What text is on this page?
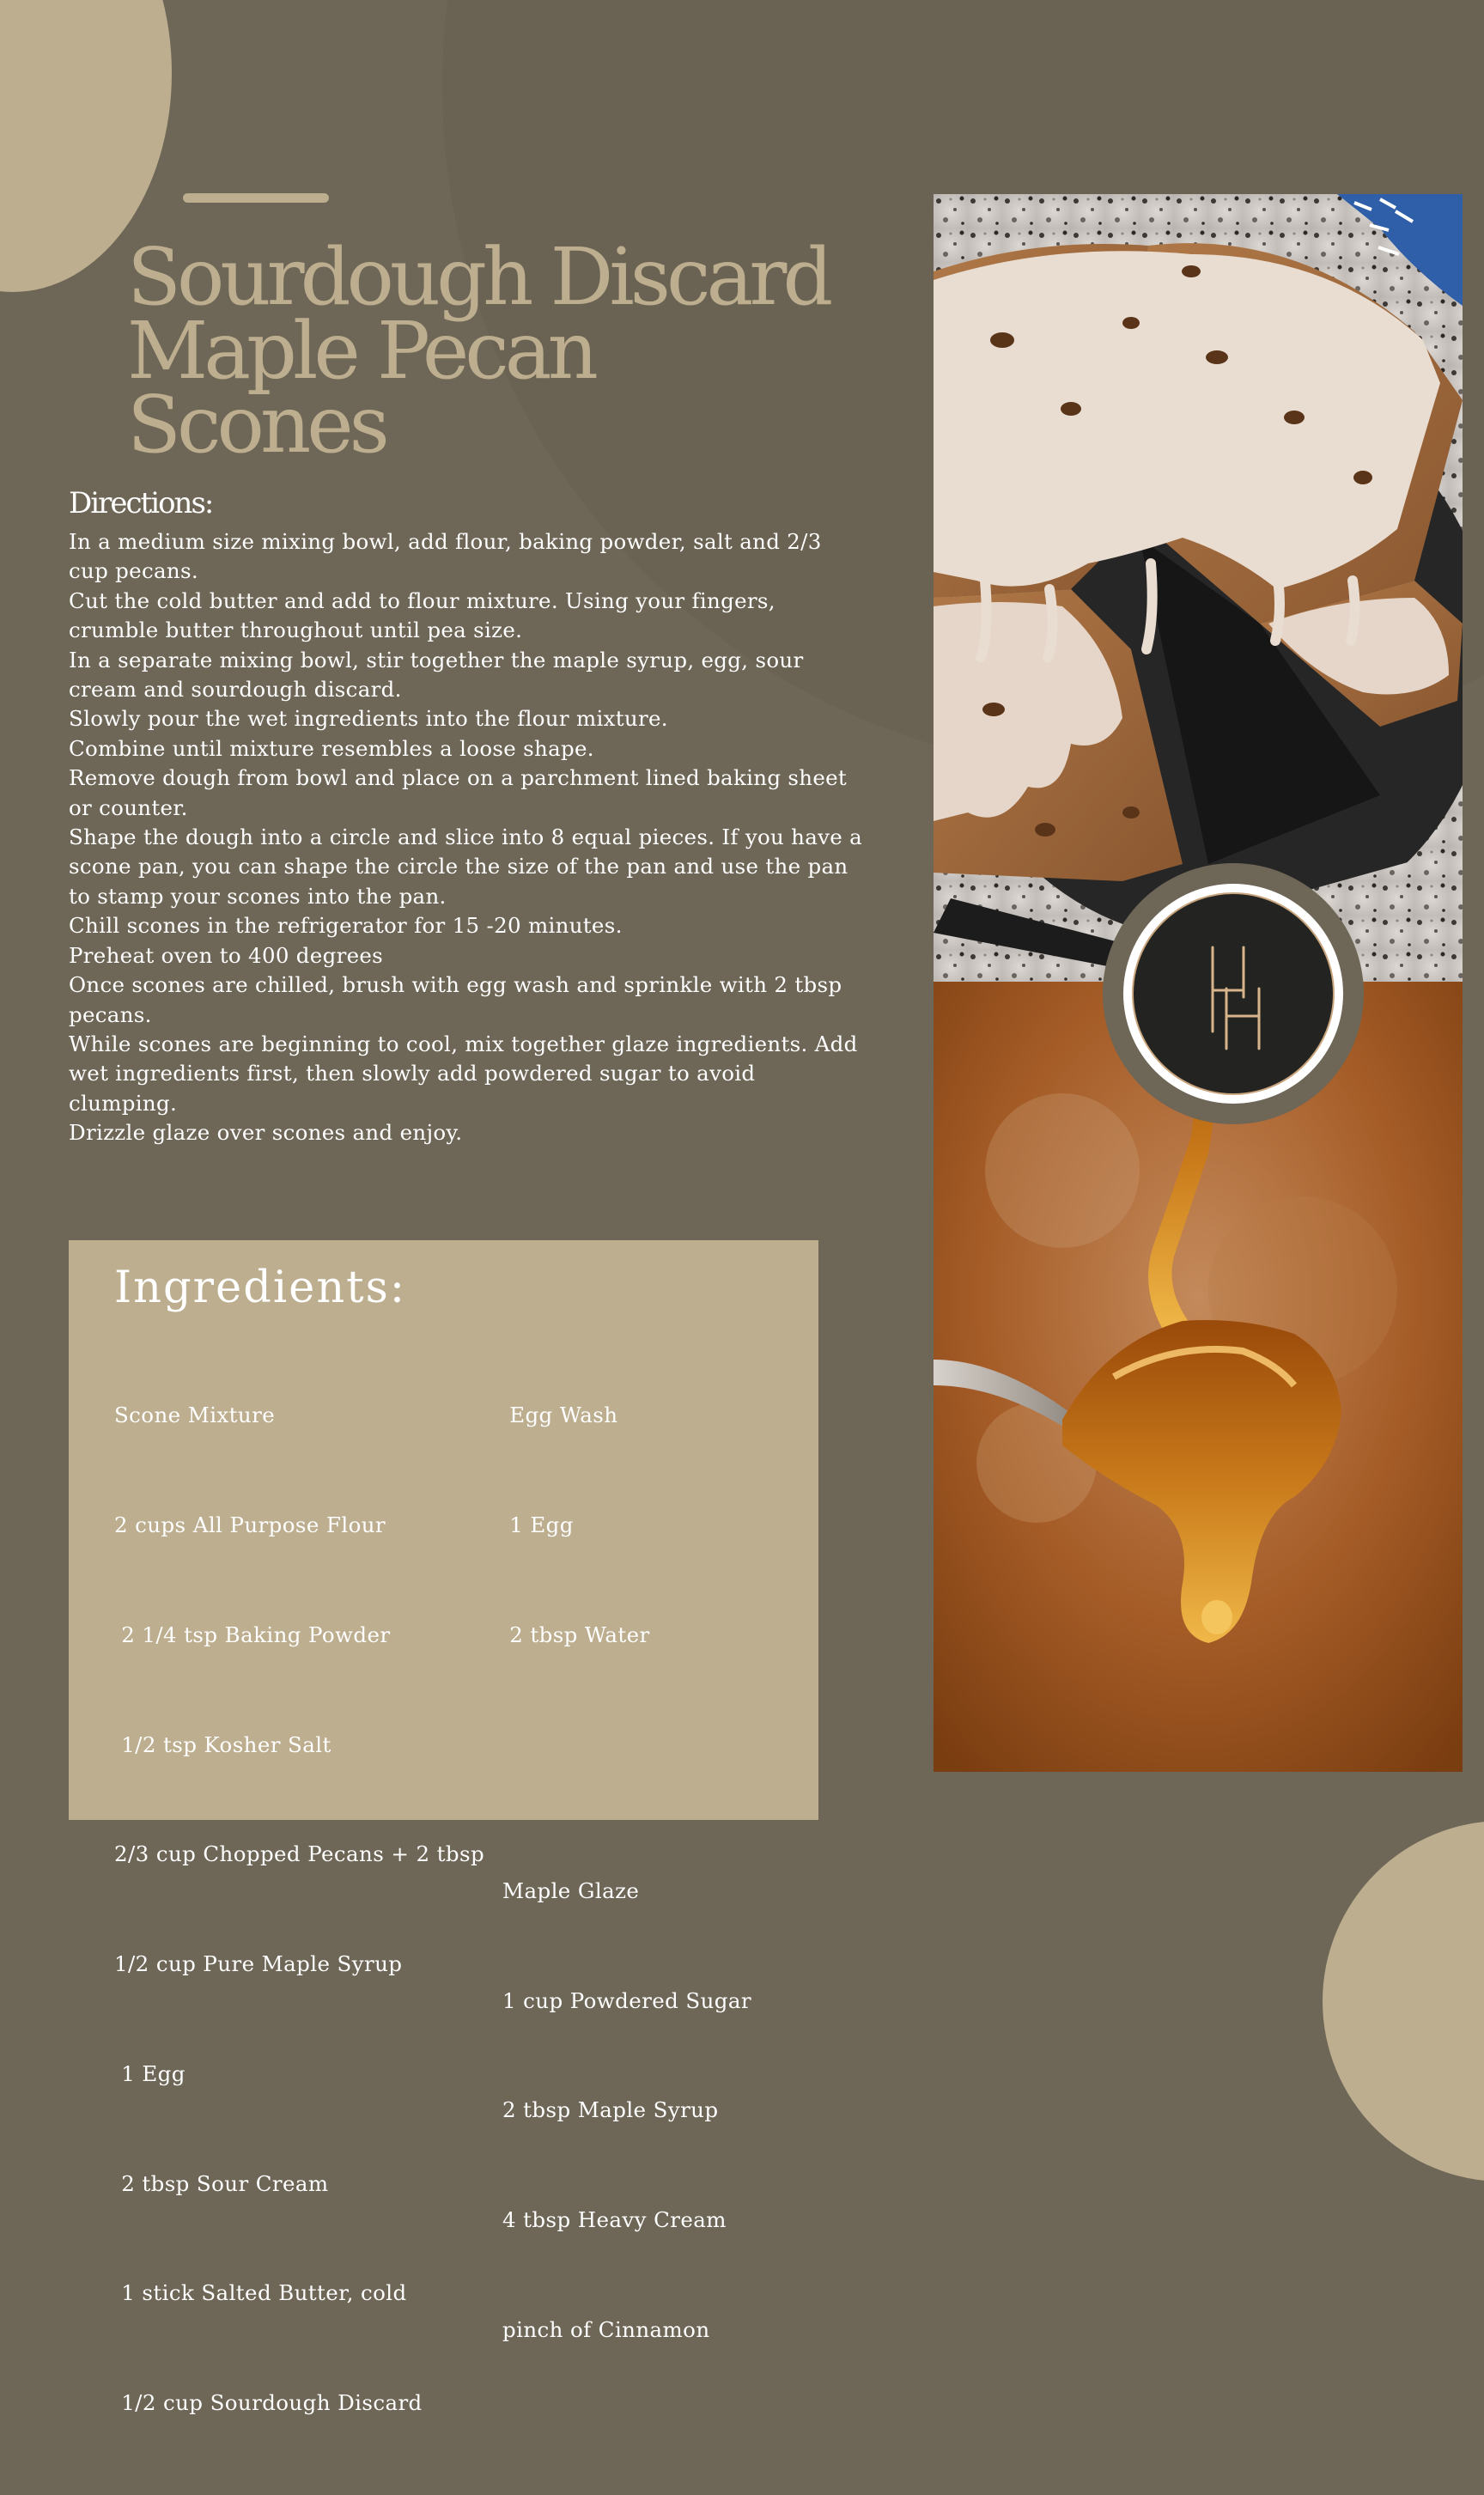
Sourdough Discard
Maple Pecan
Scones
Directions:
In a medium size mixing bowl, add flour, baking powder, salt and 2/3
cup pecans.
Cut the cold butter and add to flour mixture. Using your fingers,
crumble butter throughout until pea size.
In a separate mixing bowl, stir together the maple syrup, egg, sour
cream and sourdough discard.
Slowly pour the wet ingredients into the flour mixture.
Combine until mixture resembles a loose shape.
Remove dough from bowl and place on a parchment lined baking sheet
or counter.
Shape the dough into a circle and slice into 8 equal pieces. If you have a
scone pan, you can shape the circle the size of the pan and use the pan
to stamp your scones into the pan.
Chill scones in the refrigerator for 15 -20 minutes.
Preheat oven to 400 degrees
Once scones are chilled, brush with egg wash and sprinkle with 2 tbsp
pecans.
While scones are beginning to cool, mix together glaze ingredients. Add
wet ingredients first, then slowly add powdered sugar to avoid
clumping.
Drizzle glaze over scones and enjoy.
Ingredients:

Scone Mixture

2 cups All Purpose Flour

2 1/4 tsp Baking Powder

1/2 tsp Kosher Salt

2/3 cup Chopped Pecans + 2 tbsp

1/2 cup Pure Maple Syrup

1 Egg

2 tbsp Sour Cream

1 stick Salted Butter, cold

1/2 cup Sourdough Discard

Egg Wash

1 Egg

2 tbsp Water

Maple Glaze

1 cup Powdered Sugar

2 tbsp Maple Syrup

4 tbsp Heavy Cream

pinch of Cinnamon
